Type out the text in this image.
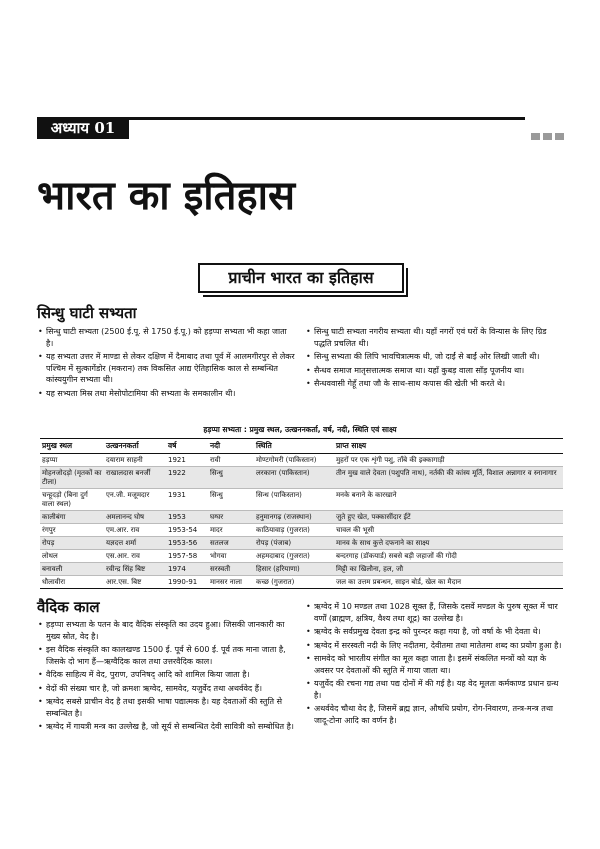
अध्याय 01
भारत का इतिहास
प्राचीन भारत का इतिहास
सिन्धु घाटी सभ्यता
• सिन्धु घाटी सभ्यता (2500 ई.पू. से 1750 ई.पू.) को हड़प्पा सभ्यता भी कहा जाता है।
• यह सभ्यता उत्तर में माण्डा से लेकर दक्षिण में दैमाबाद तथा पूर्व में आलमगीरपुर से लेकर पश्चिम में सुत्कागेंडोर (मकरान) तक विकसित आद्य ऐतिहासिक काल से सम्बन्धित कांस्ययुगीन सभ्यता थी।
• यह सभ्यता मिस्र तथा मेसोपोटामिया की सभ्यता के समकालीन थी।
• सिन्धु घाटी सभ्यता नगरीय सभ्यता थी। यहाँ नगरों एवं घरों के विन्यास के लिए ग्रिड पद्धति प्रचलित थी।
• सिन्धु सभ्यता की लिपि भावचित्रात्मक थी, जो दाईं से बाईं ओर लिखी जाती थी।
• सैन्धव समाज मातृसत्तात्मक समाज था। यहाँ कुबड़ वाला साँड़ पूजनीय था।
• सैन्धववासी गेहूँ तथा जौ के साथ-साथ कपास की खेती भी करते थे।
हड़प्पा सभ्यता : प्रमुख स्थल, उत्खननकर्ता, वर्ष, नदी, स्थिति एवं साक्ष्य
प्रमुख स्थल	उत्खननकर्ता	वर्ष	नदी	स्थिति	प्राप्त साक्ष्य
हड़प्पा	दयाराम साहनी	1921	रावी	मोण्टगोमरी (पाकिस्तान)	मुहरों पर एक शृंगी पशु, ताँबे की इक्कागाड़ी
मोहनजोदड़ो (मृतकों का टीला)	राखालदास बनर्जी	1922	सिन्धु	लरकाना (पाकिस्तान)	तीन मुख वाले देवता (पशुपति नाथ), नर्तकी की कांस्य मूर्ति, विशाल अन्नागार व स्नानागार
चन्हूदड़ो (बिना दुर्ग वाला स्थल)	एन.जी. मजूमदार	1931	सिन्धु	सिन्ध (पाकिस्तान)	मनके बनाने के कारखाने
कालीबंगा	अमलानन्द घोष	1953	घग्घर	हनुमानगढ़ (राजस्थान)	जुते हुए खेत, पक्कासींदार ईंटें
रंगपुर	एम.आर. राव	1953-54	मादर	काठियावाड़ (गुजरात)	चावल की भूसी
रोपड़	यज्ञदत्त शर्मा	1953-56	सतलज	रोपड़ (पंजाब)	मानव के साथ कुत्ते दफनाने का साक्ष्य
लोथल	एस.आर. राव	1957-58	भोगवा	अहमदाबाद (गुजरात)	बन्दरगाह (डॉकयार्ड) सबसे बड़ी जहाजों की गोदी
बनावली	रवीन्द्र सिंह बिष्ट	1974	सरस्वती	हिसार (हरियाणा)	मिट्टी का खिलौना, हल, जौ
धौलावीरा	आर.एस. बिष्ट	1990-91	मानसर नाला	कच्छ (गुजरात)	जल का उत्तम प्रबन्धन, साइन बोर्ड, खेल का मैदान
वैदिक काल
• हड़प्पा सभ्यता के पतन के बाद वैदिक संस्कृति का उदय हुआ। जिसकी जानकारी का मुख्य स्रोत, वेद है।
• इस वैदिक संस्कृति का कालखण्ड 1500 ई. पूर्व से 600 ई. पूर्व तक माना जाता है, जिसके दो भाग हैं—ऋग्वैदिक काल तथा उत्तरवैदिक काल।
• वैदिक साहित्य में वेद, पुराण, उपनिषद् आदि को शामिल किया जाता है।
• वेदों की संख्या चार है, जो क्रमशः ऋग्वेद, सामवेद, यजुर्वेद तथा अथर्ववेद हैं।
• ऋग्वेद सबसे प्राचीन वेद है तथा इसकी भाषा पद्यात्मक है। यह देवताओं की स्तुति से सम्बन्धित है।
• ऋग्वेद में गायत्री मन्त्र का उल्लेख है, जो सूर्य से सम्बन्धित देवी सावित्री को सम्बोधित है।
• ऋग्वेद में 10 मण्डल तथा 1028 सूक्त हैं, जिसके दसवें मण्डल के पुरुष सूक्त में चार वर्णों (ब्राह्मण, क्षत्रिय, वैश्य तथा शूद्र) का उल्लेख है।
• ऋग्वेद के सर्वप्रमुख देवता इन्द्र को पुरन्दर कहा गया है, जो वर्षा के भी देवता थे।
• ऋग्वेद में सरस्वती नदी के लिए नदीतमा, देवीतमा तथा मातेतमा शब्द का प्रयोग हुआ है।
• सामवेद को भारतीय संगीत का मूल कहा जाता है। इसमें संकलित मन्त्रों को यज्ञ के अवसर पर देवताओं की स्तुति में गाया जाता था।
• यजुर्वेद की रचना गद्य तथा पद्य दोनों में की गई है। यह वेद मूलतः कर्मकाण्ड प्रधान ग्रन्थ है।
• अथर्ववेद चौथा वेद है, जिसमें ब्रह्म ज्ञान, औषधि प्रयोग, रोग-निवारण, तन्त्र-मन्त्र तथा जादू-टोना आदि का वर्णन है।
